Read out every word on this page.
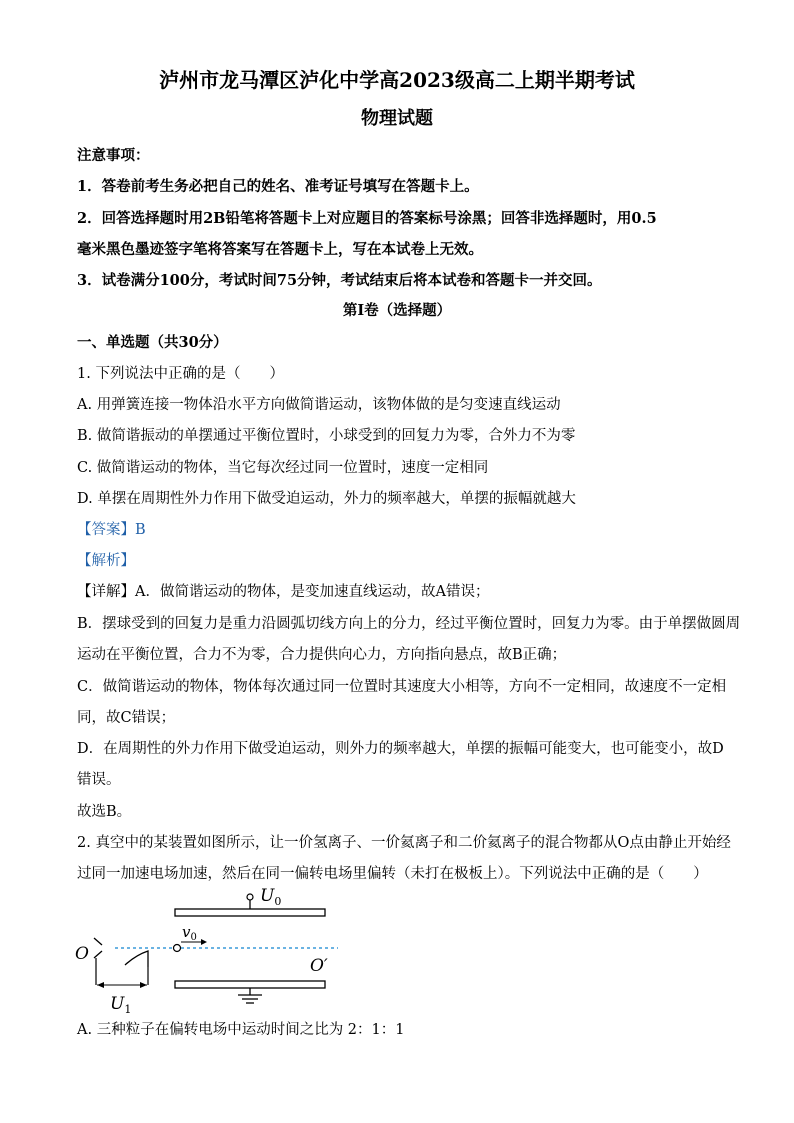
泸州市龙马潭区泸化中学高2023级高二上期半期考试
物理试题
注意事项：
1．答卷前考生务必把自己的姓名、准考证号填写在答题卡上。
2．回答选择题时用2B铅笔将答题卡上对应题目的答案标号涂黑；回答非选择题时，用0.5
毫米黑色墨迹签字笔将答案写在答题卡上，写在本试卷上无效。
3．试卷满分100分，考试时间75分钟，考试结束后将本试卷和答题卡一并交回。
第I卷（选择题）
一、单选题（共30分）
1. 下列说法中正确的是（　　）
A. 用弹簧连接一物体沿水平方向做简谐运动，该物体做的是匀变速直线运动
B. 做简谐振动的单摆通过平衡位置时，小球受到的回复力为零，合外力不为零
C. 做简谐运动的物体，当它每次经过同一位置时，速度一定相同
D. 单摆在周期性外力作用下做受迫运动，外力的频率越大，单摆的振幅就越大
【答案】B
【解析】
【详解】A．做简谐运动的物体，是变加速直线运动，故A错误；
B．摆球受到的回复力是重力沿圆弧切线方向上的分力，经过平衡位置时，回复力为零。由于单摆做圆周
运动在平衡位置，合力不为零，合力提供向心力，方向指向悬点，故B正确；
C．做简谐运动的物体，物体每次通过同一位置时其速度大小相等，方向不一定相同，故速度不一定相
同，故C错误；
D．在周期性的外力作用下做受迫运动，则外力的频率越大，单摆的振幅可能变大，也可能变小，故D
错误。
故选B。
2. 真空中的某装置如图所示，让一价氢离子、一价氦离子和二价氦离子的混合物都从O点由静止开始经
过同一加速电场加速，然后在同一偏转电场里偏转（未打在极板上）。下列说法中正确的是（　　）
$U_0$
$v_0$
O
$U_1$
O′
A. 三种粒子在偏转电场中运动时间之比为 2：1：1
